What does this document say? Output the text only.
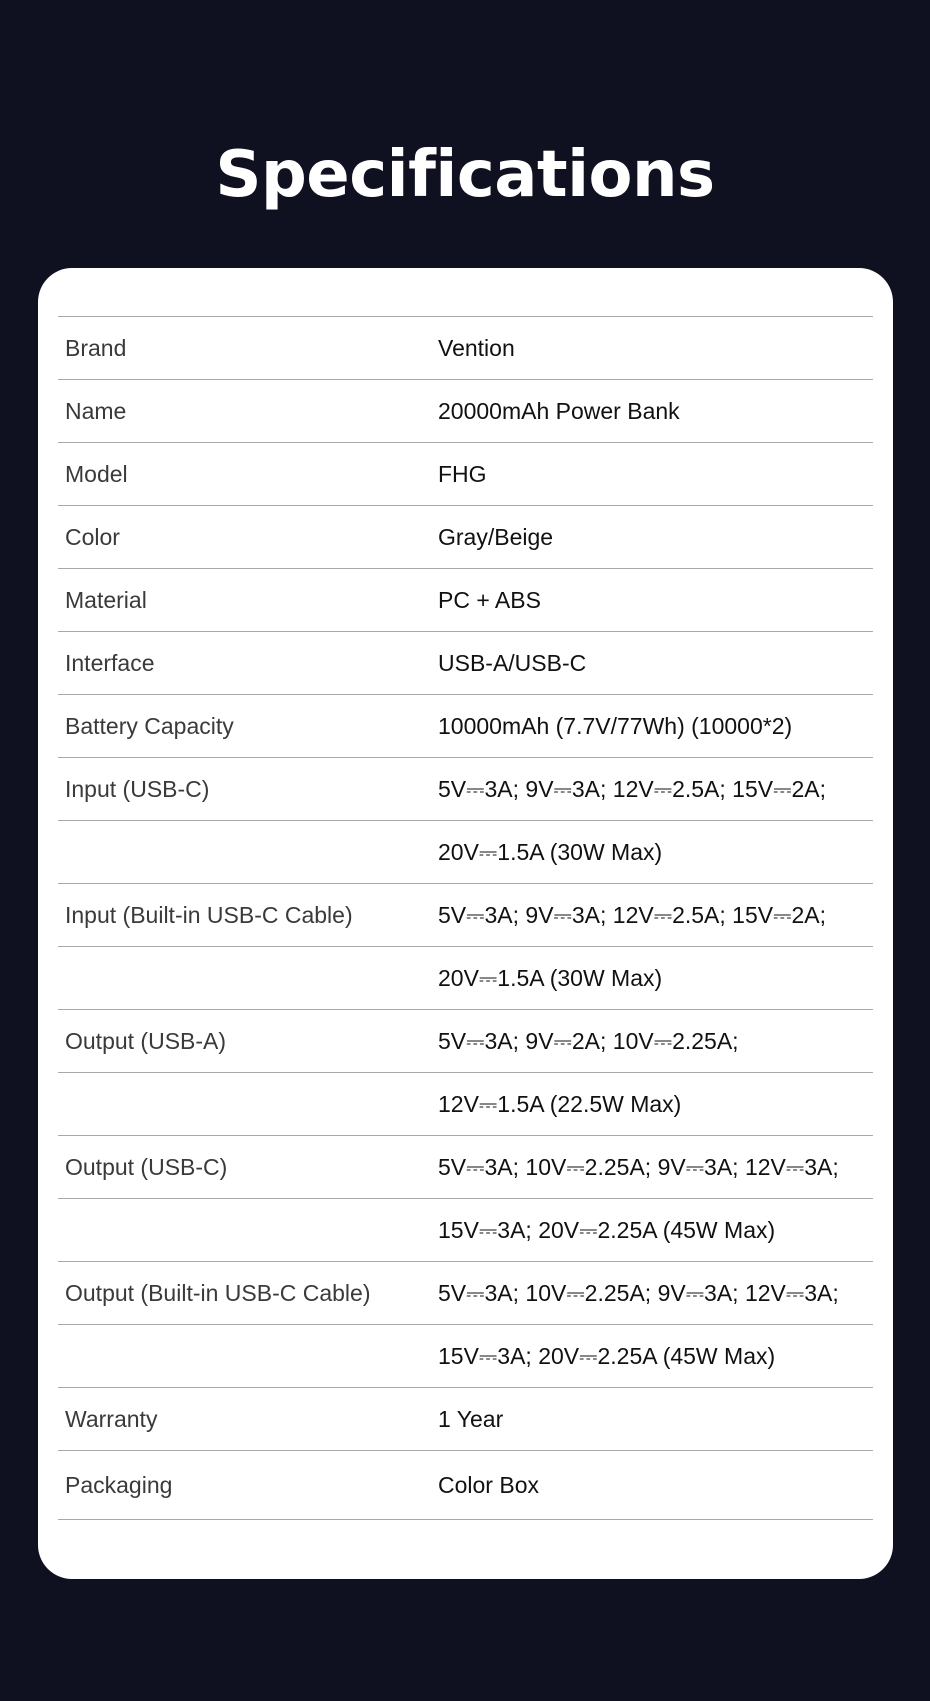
Specifications
Brand	Vention
Name	20000mAh Power Bank
Model	FHG
Color	Gray/Beige
Material	PC + ABS
Interface	USB-A/USB-C
Battery Capacity	10000mAh (7.7V/77Wh) (10000*2)
Input (USB-C)	5V⎓3A; 9V⎓3A; 12V⎓2.5A; 15V⎓2A;
20V⎓1.5A (30W Max)
Input (Built-in USB-C Cable)	5V⎓3A; 9V⎓3A; 12V⎓2.5A; 15V⎓2A;
20V⎓1.5A (30W Max)
Output (USB-A)	5V⎓3A; 9V⎓2A; 10V⎓2.25A;
12V⎓1.5A (22.5W Max)
Output (USB-C)	5V⎓3A; 10V⎓2.25A; 9V⎓3A; 12V⎓3A;
15V⎓3A; 20V⎓2.25A (45W Max)
Output (Built-in USB-C Cable)	5V⎓3A; 10V⎓2.25A; 9V⎓3A; 12V⎓3A;
15V⎓3A; 20V⎓2.25A (45W Max)
Warranty	1 Year
Packaging	Color Box
